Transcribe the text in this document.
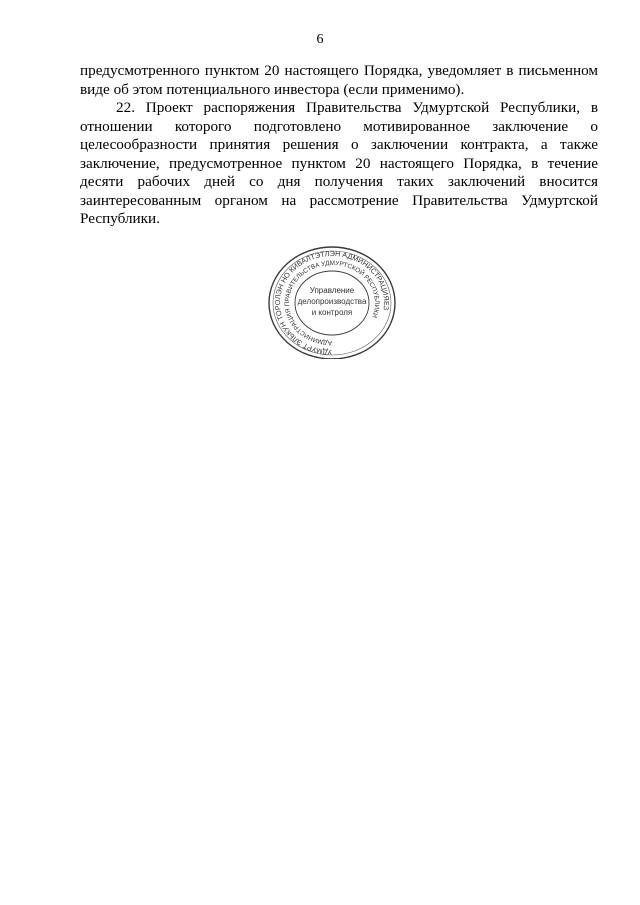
6

предусмотренного пунктом 20 настоящего Порядка, уведомляет в письменном виде об этом потенциального инвестора (если применимо).

22. Проект распоряжения Правительства Удмуртской Республики, в отношении которого подготовлено мотивированное заключение о целесообразности принятия решения о заключении контракта, а также заключение, предусмотренное пунктом 20 настоящего Порядка, в течение десяти рабочих дней со дня получения таких заключений вносится заинтересованным органом на рассмотрение Правительства Удмуртской Республики.

УДМУРТ ЭЛЬКУН ТОРОЛЭН НО КИВАЛТЭТЛЭН АДМИНИСТРАЦИЯЕЗ
АДМИНИСТРАЦИЯ ПРАВИТЕЛЬСТВА УДМУРТСКОЙ РЕСПУБЛИКИ
Управление
делопроизводства
и контроля
